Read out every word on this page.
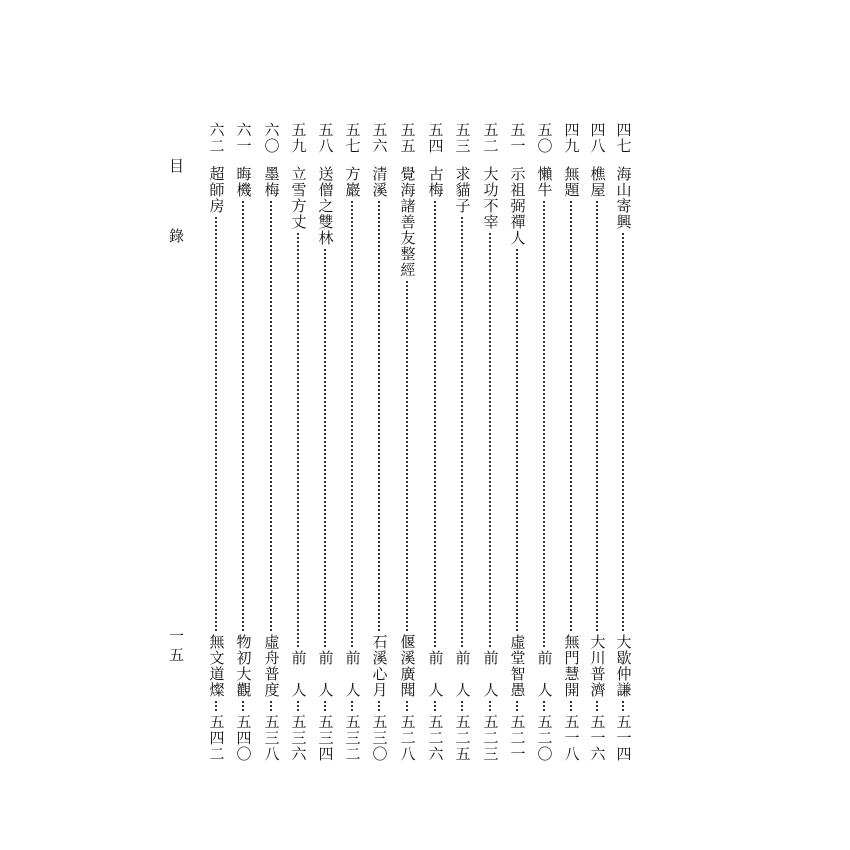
目錄
一五
四七
海山寄興
大歇仲謙
五一四
四八
樵屋
大川普濟
五一六
四九
無題
無門慧開
五一八
五〇
懶牛
前　人
五二〇
五一
示祖弼禪人
虛堂智愚
五二一
五二
大功不宰
前　人
五二三
五三
求貓子
前　人
五二五
五四
古梅
前　人
五二六
五五
覺海諸善友整經
偃溪廣聞
五二八
五六
清溪
石溪心月
五三〇
五七
方巖
前　人
五三二
五八
送僧之雙林
前　人
五三四
五九
立雪方丈
前　人
五三六
六〇
墨梅
虛舟普度
五三八
六一
晦機
物初大觀
五四〇
六二
超師房
無文道燦
五四二
